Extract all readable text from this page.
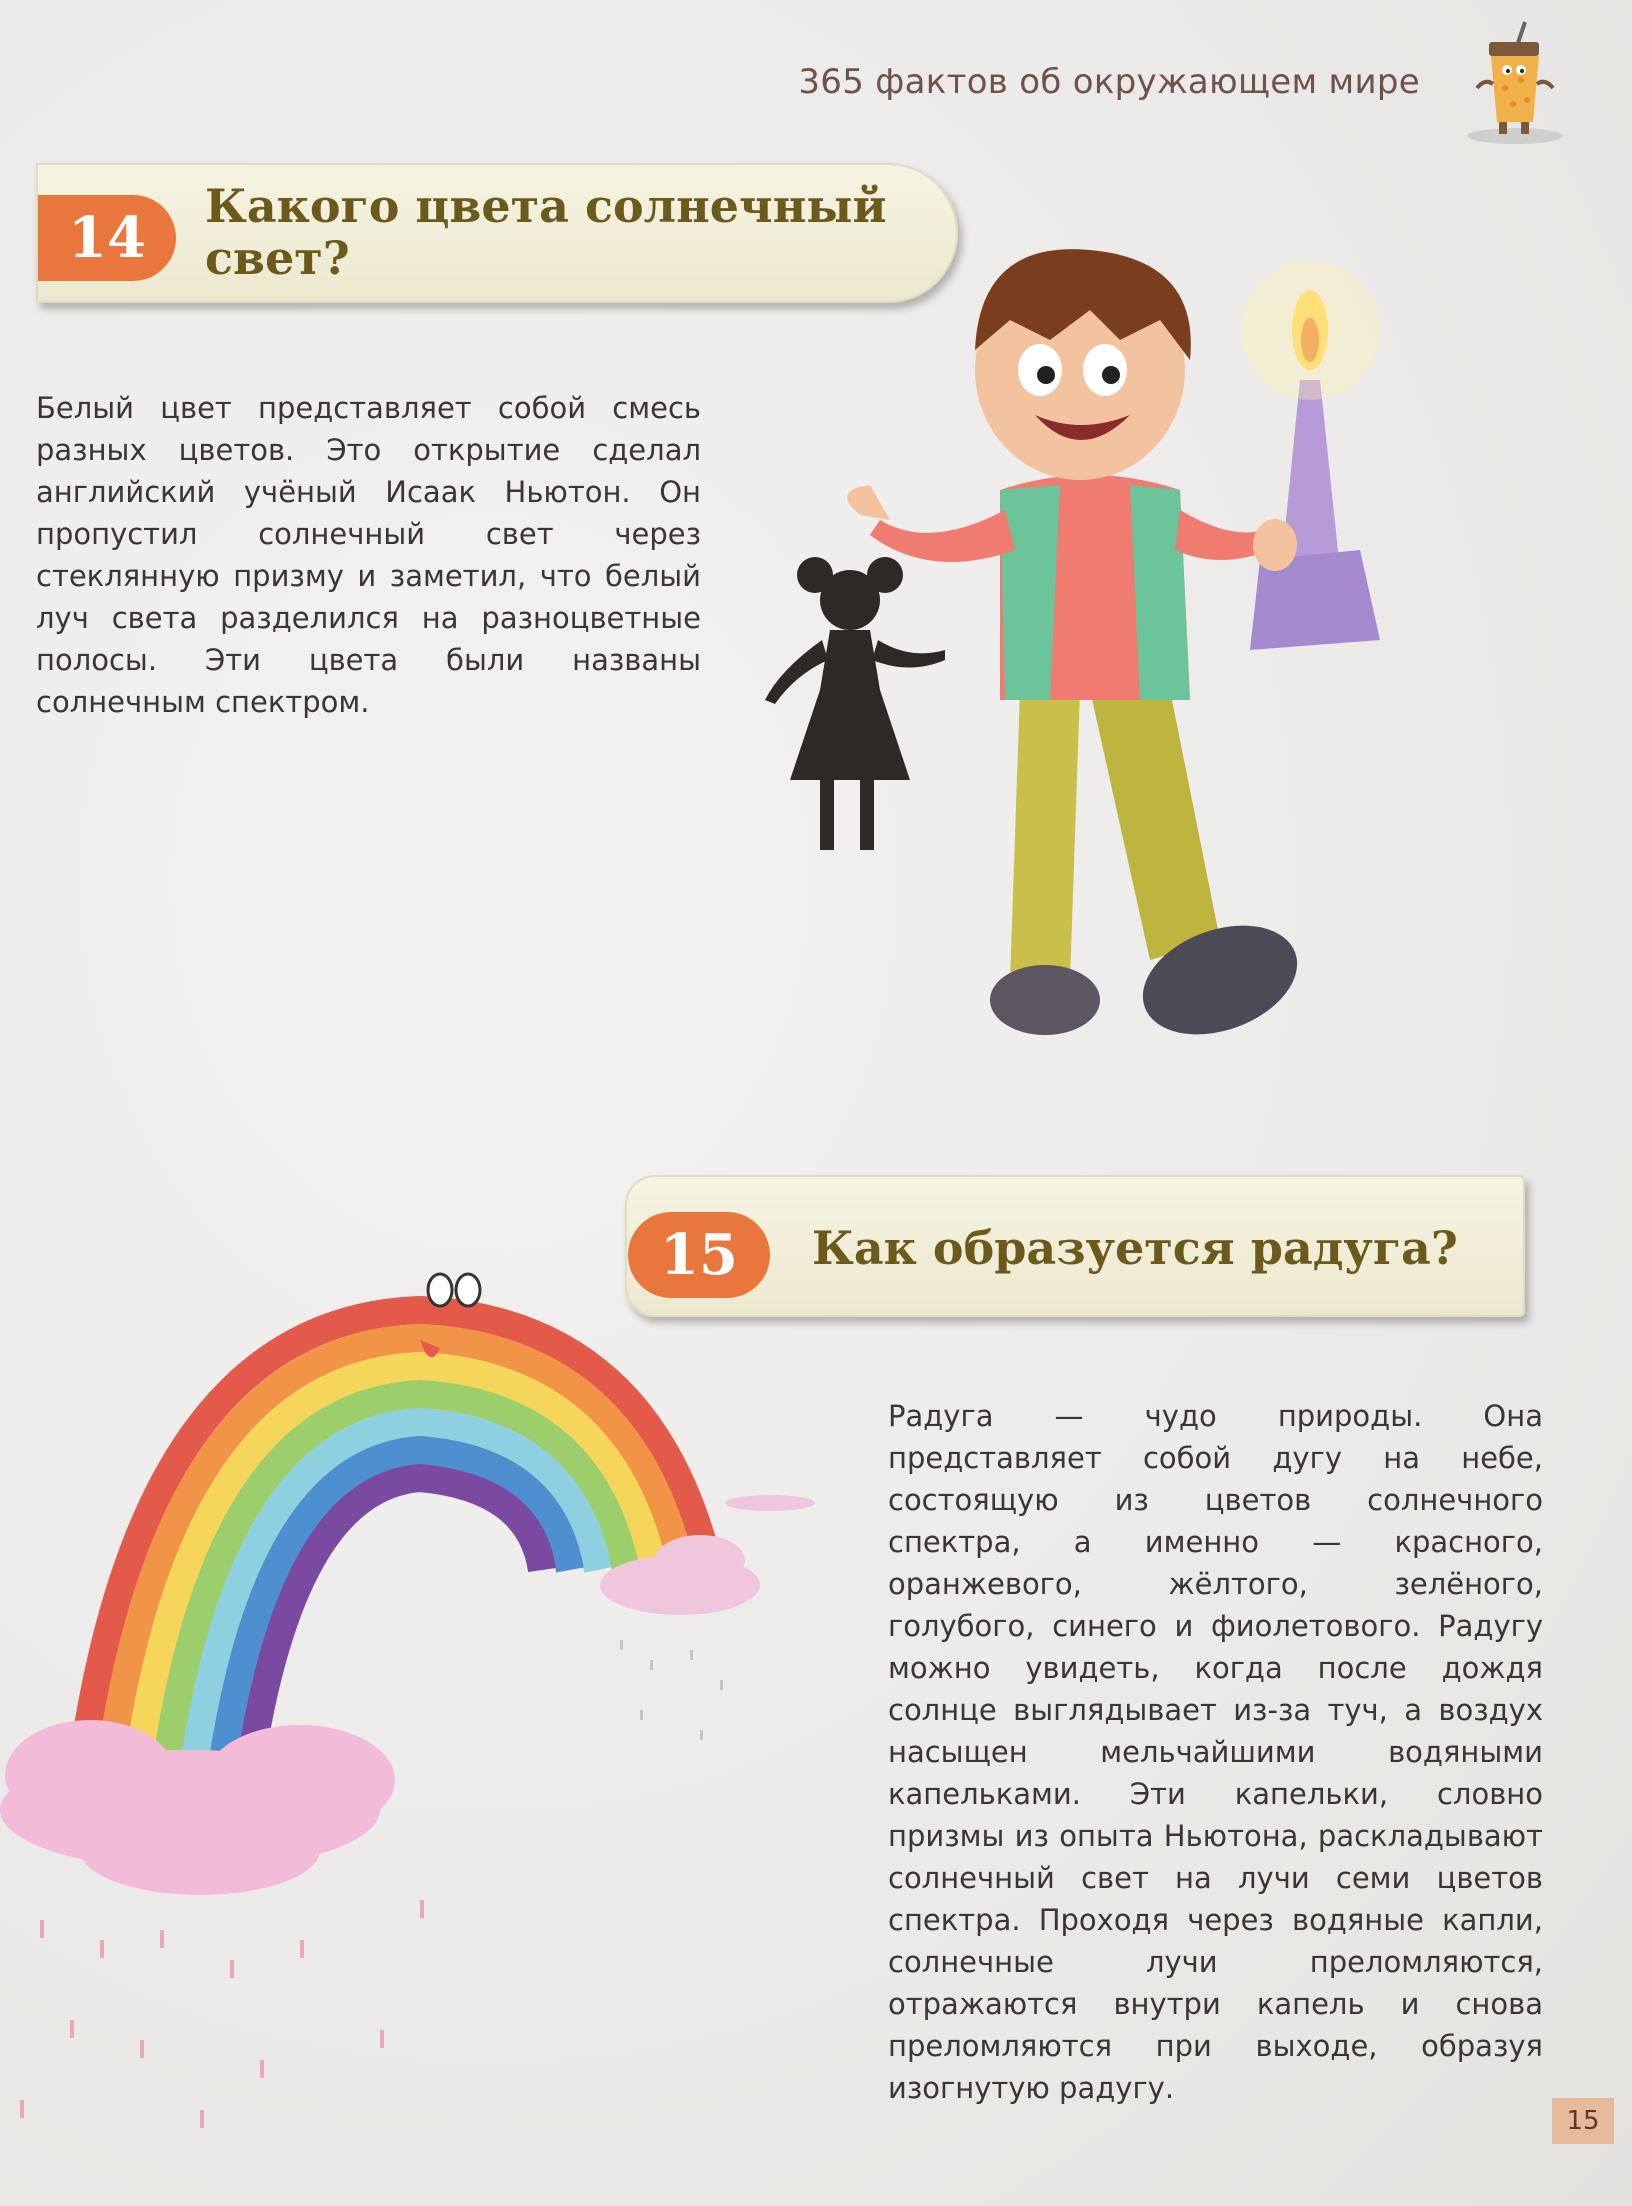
365 фактов об окружающем мире
14	Какого цвета солнечный свет?

Белый цвет представляет собой смесь разных цветов. Это открытие сделал английский учёный Исаак Ньютон. Он пропустил солнечный свет через стеклянную призму и заметил, что белый луч света разделился на разноцветные полосы. Эти цвета были названы солнечным спектром.

15	Как образуется радуга?

Радуга — чудо природы. Она представляет собой дугу на небе, состоящую из цветов солнечного спектра, а именно — красного, оранжевого, жёлтого, зелёного, голубого, синего и фиолетового. Радугу можно увидеть, когда после дождя солнце выглядывает из-за туч, а воздух насыщен мельчайшими водяными капельками. Эти капельки, словно призмы из опыта Ньютона, раскладывают солнечный свет на лучи семи цветов спектра. Проходя через водяные капли, солнечные лучи преломляются, отражаются внутри капель и снова преломляются при выходе, образуя изогнутую радугу.

15
